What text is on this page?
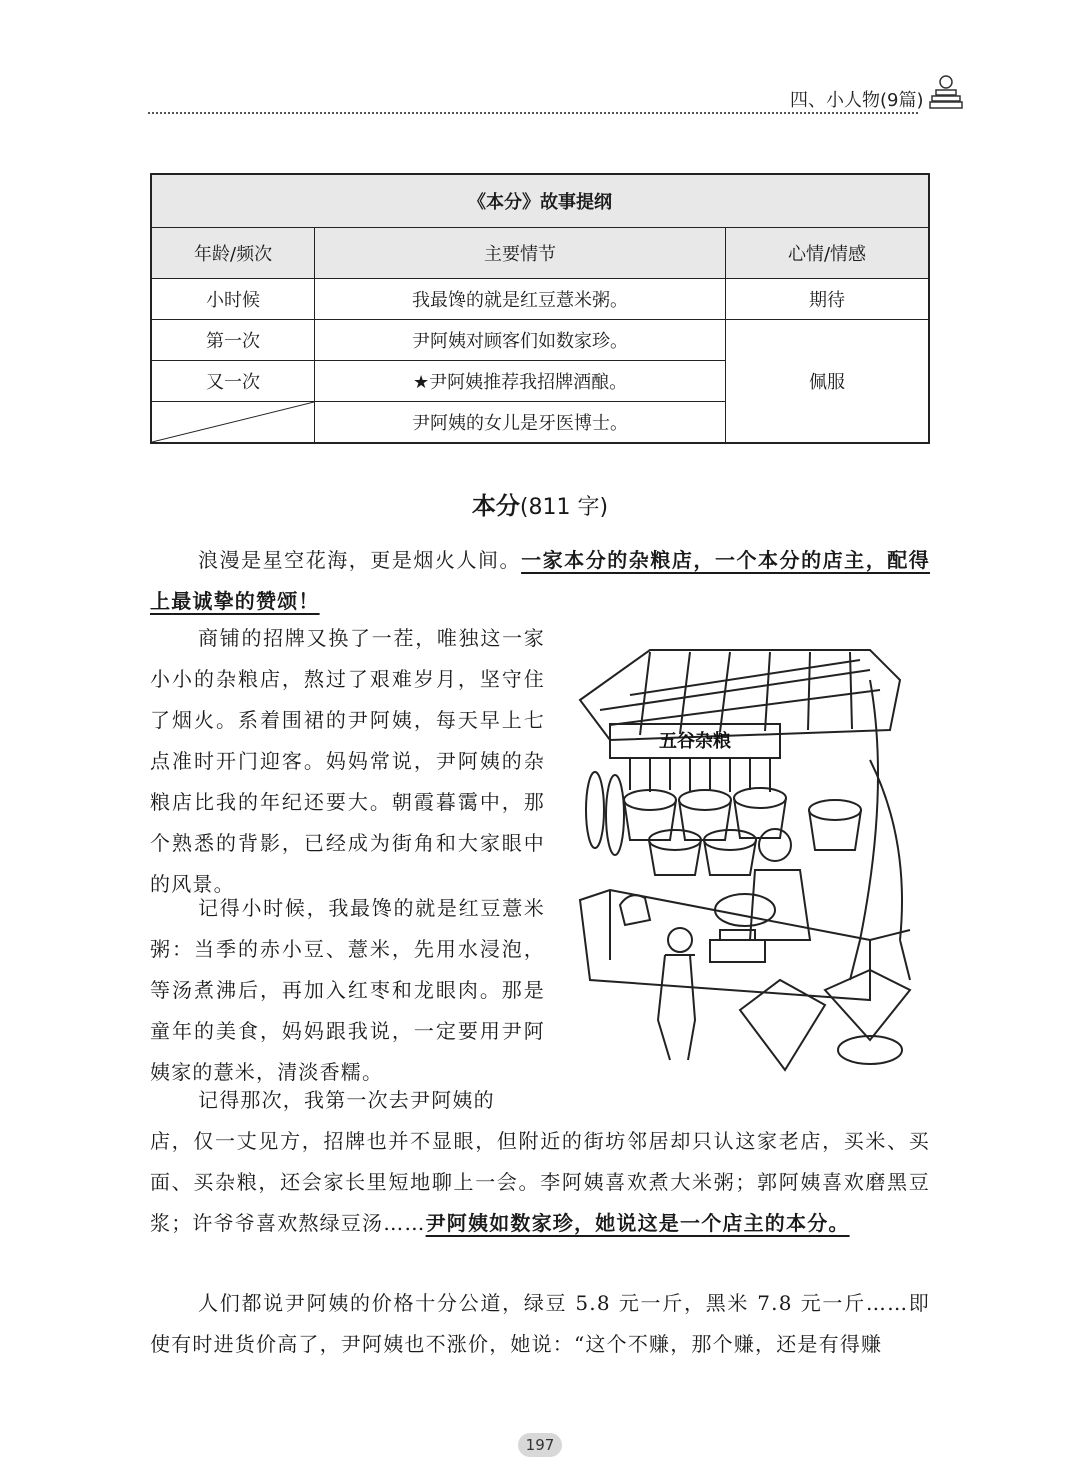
四、小人物(9篇)
《本分》故事提纲		
年龄/频次	主要情节	心情/情感
小时候	我最馋的就是红豆薏米粥。	期待
第一次	尹阿姨对顾客们如数家珍。	佩服
又一次	★尹阿姨推荐我招牌酒酿。	

	尹阿姨的女儿是牙医博士。	
本分(811 字)

浪漫是星空花海，更是烟火人间。一家本分的杂粮店，一个本分的店主，配得上最诚挚的赞颂！

商铺的招牌又换了一茬，唯独这一家小小的杂粮店，熬过了艰难岁月，坚守住了烟火。系着围裙的尹阿姨，每天早上七点准时开门迎客。妈妈常说，尹阿姨的杂粮店比我的年纪还要大。朝霞暮霭中，那个熟悉的背影，已经成为街角和大家眼中的风景。

记得小时候，我最馋的就是红豆薏米粥：当季的赤小豆、薏米，先用水浸泡，等汤煮沸后，再加入红枣和龙眼肉。那是童年的美食，妈妈跟我说，一定要用尹阿姨家的薏米，清淡香糯。

记得那次，我第一次去尹阿姨的

店，仅一丈见方，招牌也并不显眼，但附近的街坊邻居却只认这家老店，买米、买面、买杂粮，还会家长里短地聊上一会。李阿姨喜欢煮大米粥；郭阿姨喜欢磨黑豆浆；许爷爷喜欢熬绿豆汤……尹阿姨如数家珍，她说这是一个店主的本分。

人们都说尹阿姨的价格十分公道，绿豆 5.8 元一斤，黑米 7.8 元一斤……即使有时进货价高了，尹阿姨也不涨价，她说：“这个不赚，那个赚，还是有得赚

五谷杂粮
197
